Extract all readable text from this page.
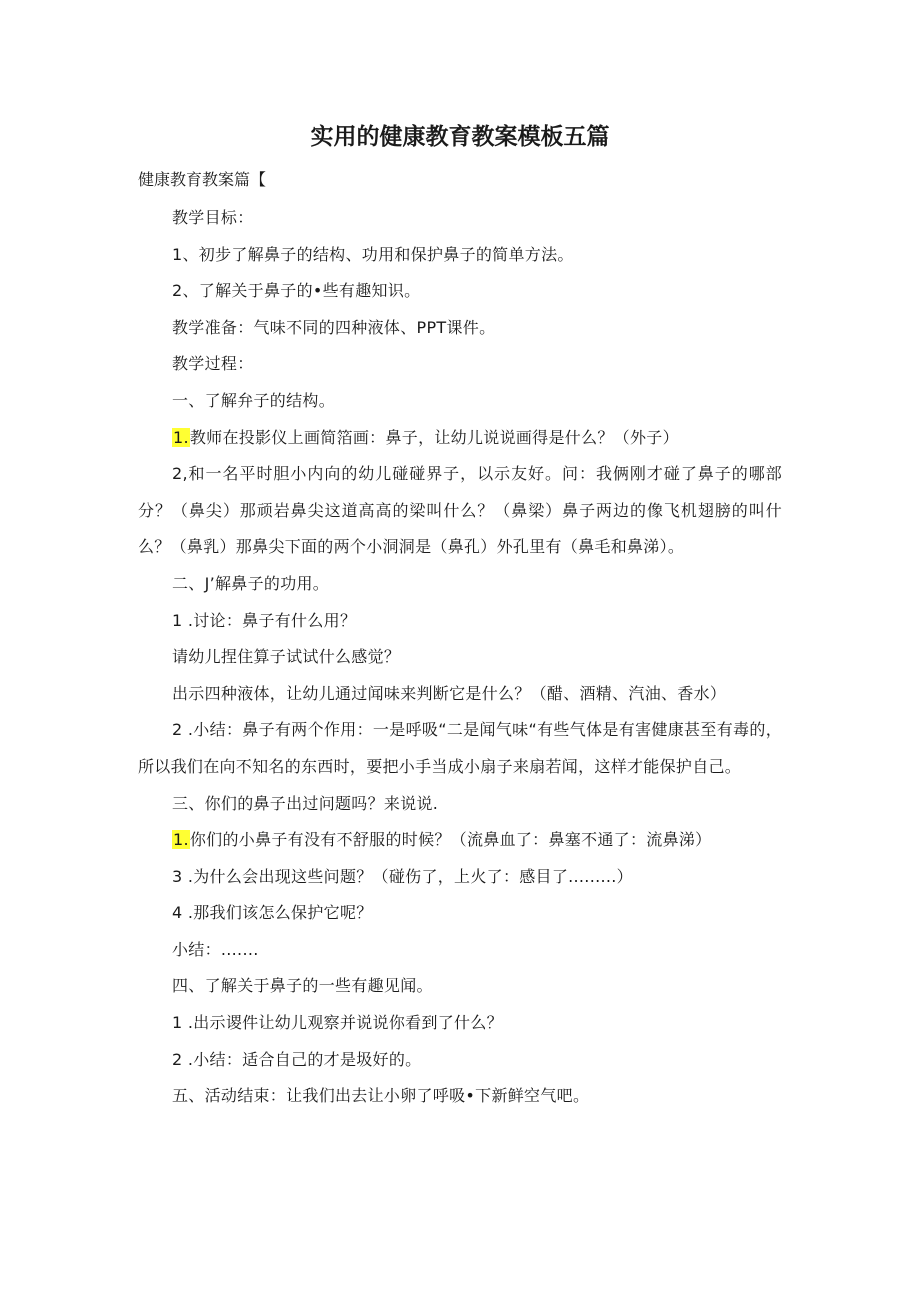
实用的健康教育教案模板五篇
健康教育教案篇【

教学目标：

1、初步了解鼻子的结构、功用和保护鼻子的简单方法。

2、了解关于鼻子的•些有趣知识。

教学准备：气味不同的四种液体、PPT课件。

教学过程：

一、了解弁子的结构。

1.教师在投影仪上画简箔画：鼻子，让幼儿说说画得是什么？（外子）

2,和一名平时胆小内向的幼儿碰碰界子，以示友好。问：我俩刚才碰了鼻子的哪部分？（鼻尖）那顽岩鼻尖这道高高的梁叫什么？（鼻梁）鼻子两边的像飞机翅膀的叫什么？（鼻乳）那鼻尖下面的两个小洞洞是（鼻孔）外孔里有（鼻毛和鼻涕）。

二、J’解鼻子的功用。

1 .讨论：鼻子有什么用？

请幼儿捏住算子试试什么感觉？

出示四种液体，让幼儿通过闻味来判断它是什么？（醋、酒精、汽油、香水）

2 .小结：鼻子有两个作用：一是呼吸“二是闻气味“有些气体是有害健康甚至有毒的，所以我们在向不知名的东西时，要把小手当成小扇子来扇若闻，这样才能保护自己。

三、你们的鼻子出过问题吗？来说说.

1.你们的小鼻子有没有不舒服的时候？（流鼻血了：鼻塞不通了：流鼻涕）

3 .为什么会出现这些问题？（碰伤了，上火了：感目了.........）

4 .那我们该怎么保护它呢？

小结：.......

四、了解关于鼻子的一些有趣见闻。

1 .出示谡件让幼儿观察并说说你看到了什么？

2 .小结：适合自己的才是圾好的。

五、活动结束：让我们出去让小卵了呼吸•下新鲜空气吧。
